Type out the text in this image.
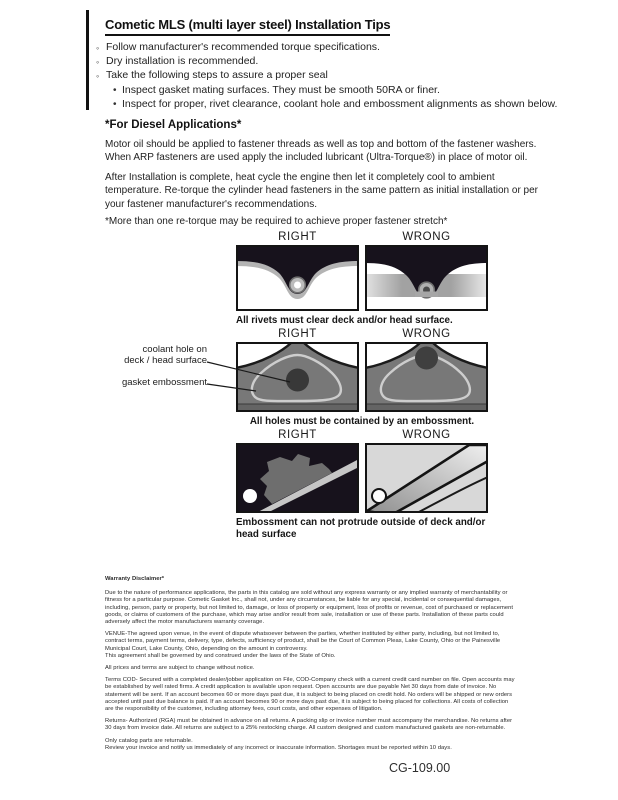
Cometic MLS (multi layer steel) Installation Tips
◦ Follow manufacturer's recommended torque specifications.
◦ Dry installation is recommended.
◦ Take the following steps to assure a proper seal
• Inspect gasket mating surfaces. They must be smooth 50RA or finer.
• Inspect for proper, rivet clearance, coolant hole and embossment alignments as shown below.
*For Diesel Applications*
Motor oil should be applied to fastener threads as well as top and bottom of the fastener washers. When ARP fasteners are used apply the included lubricant (Ultra-Torque®) in place of motor oil.
After Installation is complete, heat cycle the engine then let it completely cool to ambient temperature. Re-torque the cylinder head fasteners in the same pattern as initial installation or per your fastener manufacturer's recommendations.
*More than one re-torque may be required to achieve proper fastener stretch*
RIGHT	WRONG
All rivets must clear deck and/or head surface.
RIGHT	WRONG
All holes must be contained by an embossment.
coolant hole on
deck / head surface
gasket embossment
RIGHT	WRONG
Embossment can not protrude outside of deck and/or head surface
Warranty Disclaimer*

Due to the nature of performance applications, the parts in this catalog are sold without any express warranty or any implied warranty of merchantability or fitness for a particular purpose. Cometic Gasket Inc., shall not, under any circumstances, be liable for any special, incidental or consequential damages, including, person, party or property, but not limited to, damage, or loss of property or equipment, loss of profits or revenue, cost of purchased or replacement goods, or claims of customers of the purchase, which may arise and/or result from sale, installation or use of these parts. Installation of these parts could adversely affect the motor manufacturers warranty coverage.

VENUE-The agreed upon venue, in the event of dispute whatsoever between the parties, whether instituted by either party, including, but not limited to, contract terms, payment terms, delivery, type, defects, sufficiency of product, shall be the Court of Common Pleas, Lake County, Ohio or the Painesville Municipal Court, Lake County, Ohio, depending on the amount in controversy.

This agreement shall be governed by and construed under the laws of the State of Ohio.

All prices and terms are subject to change without notice.

Terms COD- Secured with a completed dealer/jobber application on File, COD-Company check with a current credit card number on file. Open accounts may be established by well rated firms. A credit application is available upon request. Open accounts are due payable Net 30 days from date of invoice. No statement will be sent. If an account becomes 60 or more days past due, it is subject to being placed on credit hold. No orders will be shipped or new orders accepted until past due balance is paid. If an account becomes 90 or more days past due, it is subject to being placed for collections. All costs of collection are the responsibility of the customer, including attorney fees, court costs, and other expenses of litigation.

Returns- Authorized (RGA) must be obtained in advance on all returns. A packing slip or invoice number must accompany the merchandise. No returns after 30 days from invoice date. All returns are subject to a 25% restocking charge. All custom designed and custom manufactured gaskets are non-returnable.

Only catalog parts are returnable.

Review your invoice and notify us immediately of any incorrect or inaccurate information. Shortages must be reported within 10 days.

CG-109.00
